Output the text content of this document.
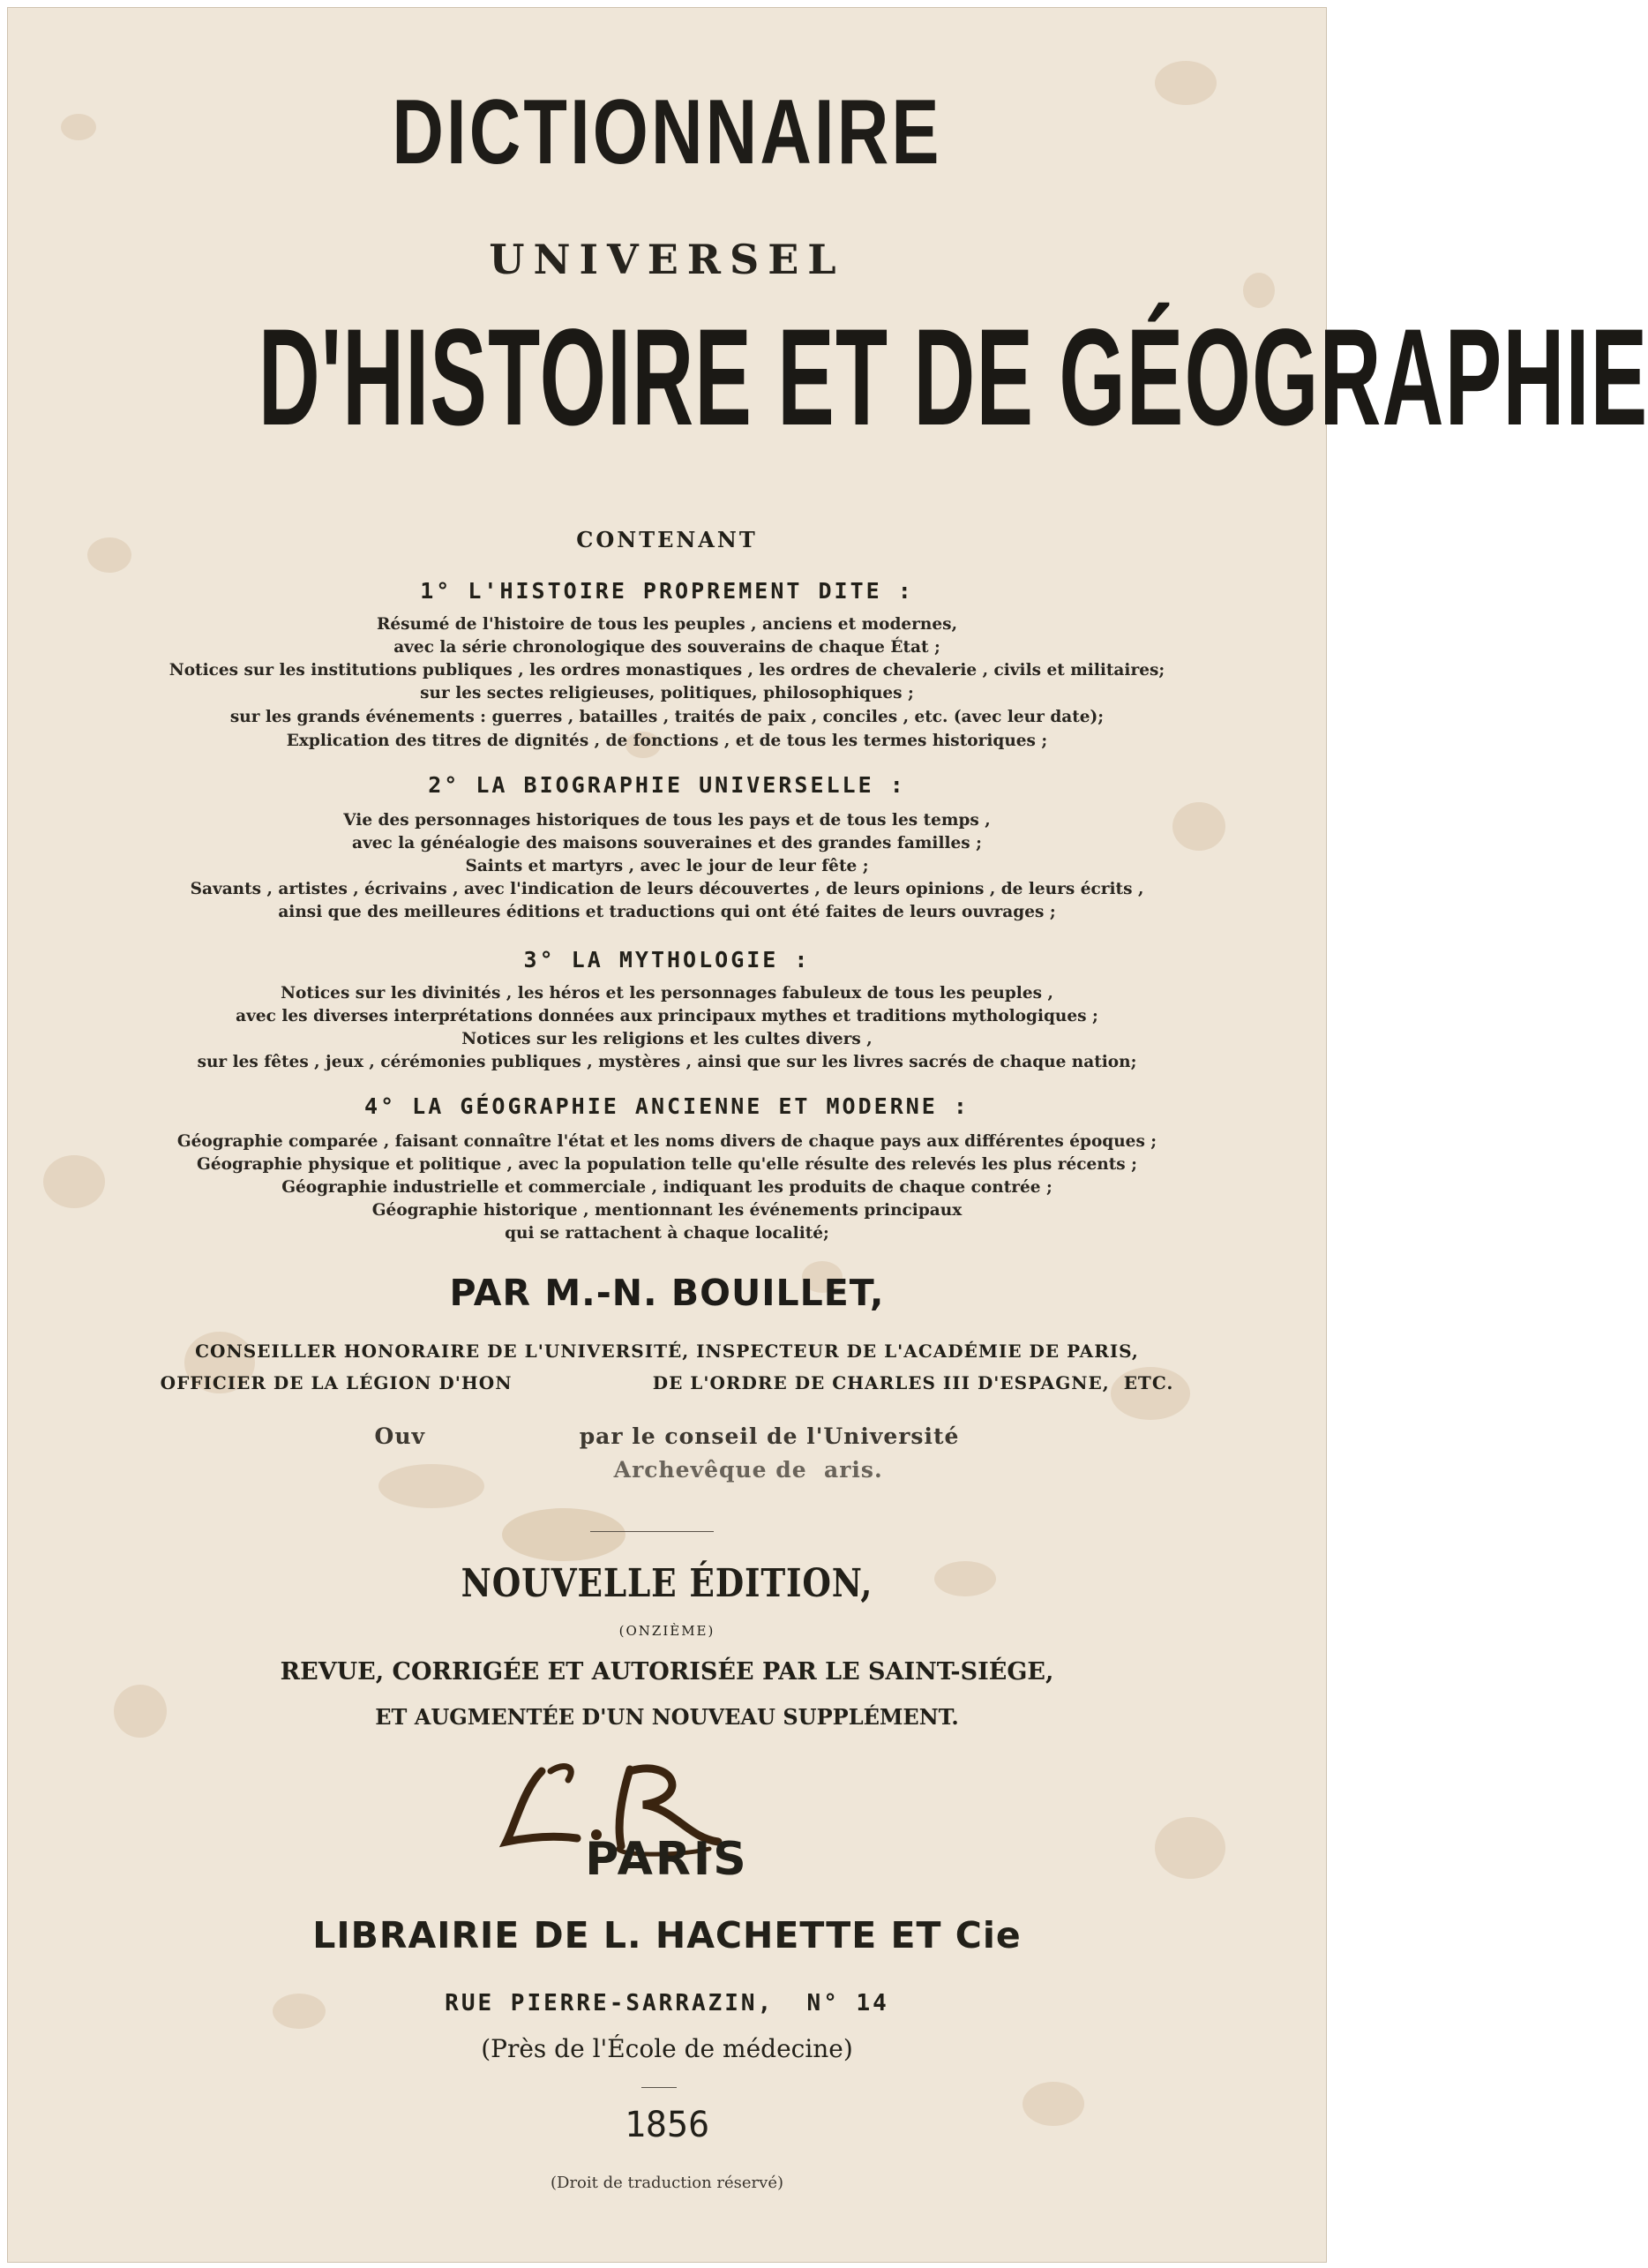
DICTIONNAIRE

UNIVERSEL

D'HISTOIRE ET DE GÉOGRAPHIE

CONTENANT

1° L'HISTOIRE PROPREMENT DITE :

Résumé de l'histoire de tous les peuples , anciens et modernes,

avec la série chronologique des souverains de chaque État ;

Notices sur les institutions publiques , les ordres monastiques , les ordres de chevalerie , civils et militaires;

sur les sectes religieuses, politiques, philosophiques ;

sur les grands événements : guerres , batailles , traités de paix , conciles , etc. (avec leur date);

Explication des titres de dignités , de fonctions , et de tous les termes historiques ;

2° LA BIOGRAPHIE UNIVERSELLE :

Vie des personnages historiques de tous les pays et de tous les temps ,

avec la généalogie des maisons souveraines et des grandes familles ;

Saints et martyrs , avec le jour de leur fête ;

Savants , artistes , écrivains , avec l'indication de leurs découvertes , de leurs opinions , de leurs écrits ,

ainsi que des meilleures éditions et traductions qui ont été faites de leurs ouvrages ;

3° LA MYTHOLOGIE :

Notices sur les divinités , les héros et les personnages fabuleux de tous les peuples ,

avec les diverses interprétations données aux principaux mythes et traditions mythologiques ;

Notices sur les religions et les cultes divers ,

sur les fêtes , jeux , cérémonies publiques , mystères , ainsi que sur les livres sacrés de chaque nation;

4° LA GÉOGRAPHIE ANCIENNE ET MODERNE :

Géographie comparée , faisant connaître l'état et les noms divers de chaque pays aux différentes époques ;

Géographie physique et politique , avec la population telle qu'elle résulte des relevés les plus récents ;

Géographie industrielle et commerciale , indiquant les produits de chaque contrée ;

Géographie historique , mentionnant les événements principaux

qui se rattachent à chaque localité;

PAR M.-N. BOUILLET,

CONSEILLER HONORAIRE DE L'UNIVERSITÉ, INSPECTEUR DE L'ACADÉMIE DE PARIS,

OFFICIER DE LA LÉGION D'HON                    DE L'ORDRE DE CHARLES III D'ESPAGNE,  ETC.

Ouv                  par le conseil de l'Université

Archevêque de  aris.

NOUVELLE ÉDITION,

(ONZIÈME)

REVUE, CORRIGÉE ET AUTORISÉE PAR LE SAINT-SIÉGE,

ET AUGMENTÉE D'UN NOUVEAU SUPPLÉMENT.

PARIS

LIBRAIRIE DE L. HACHETTE ET Cie

RUE PIERRE-SARRAZIN,  N° 14

(Près de l'École de médecine)

1856

(Droit de traduction réservé)
